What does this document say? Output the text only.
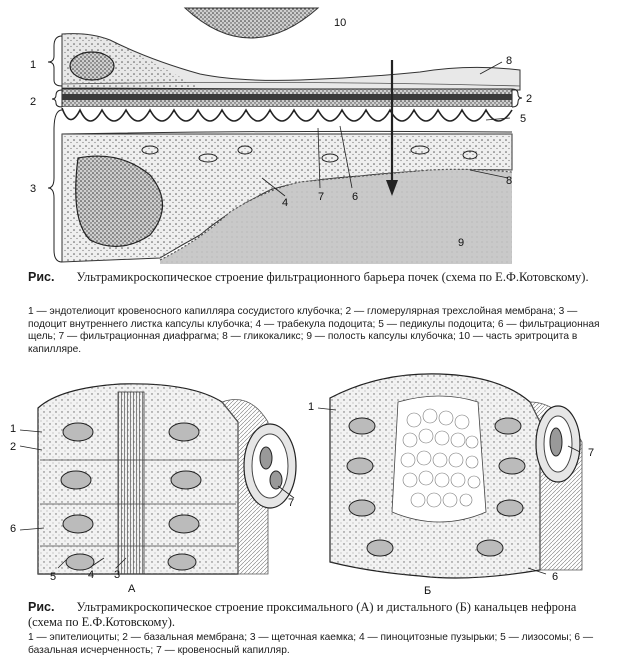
1
2
3
4
5
6
7
8
8
9
10
2
Рис. Ультрамикроскопическое строение фильтрационного барьера почек (схема по Е.Ф.Котовскому).
1 — эндотелиоцит кровеносного капилляра сосудистого клубочка; 2 — гломерулярная трехслойная мембрана; 3 — подоцит внутреннего листка капсулы клубочка; 4 — трабекула подоцита; 5 — педикулы подоцита; 6 — фильтрационная щель; 7 — фильтрационная диафрагма; 8 — гликокаликс; 9 — полость капсулы клубочка; 10 — часть эритроцита в капилляре.
1
2
6
5	4 3
7
А
1
7
6
Б
Рис. Ультрамикроскопическое строение проксимального (А) и дистального (Б) канальцев нефрона (схема по Е.Ф.Котовскому).
1 — эпителиоциты; 2 — базальная мембрана; 3 — щеточная каемка; 4 — пиноцитозные пузырьки; 5 — лизосомы; 6 — базальная исчерченность; 7 — кровеносный капилляр.
